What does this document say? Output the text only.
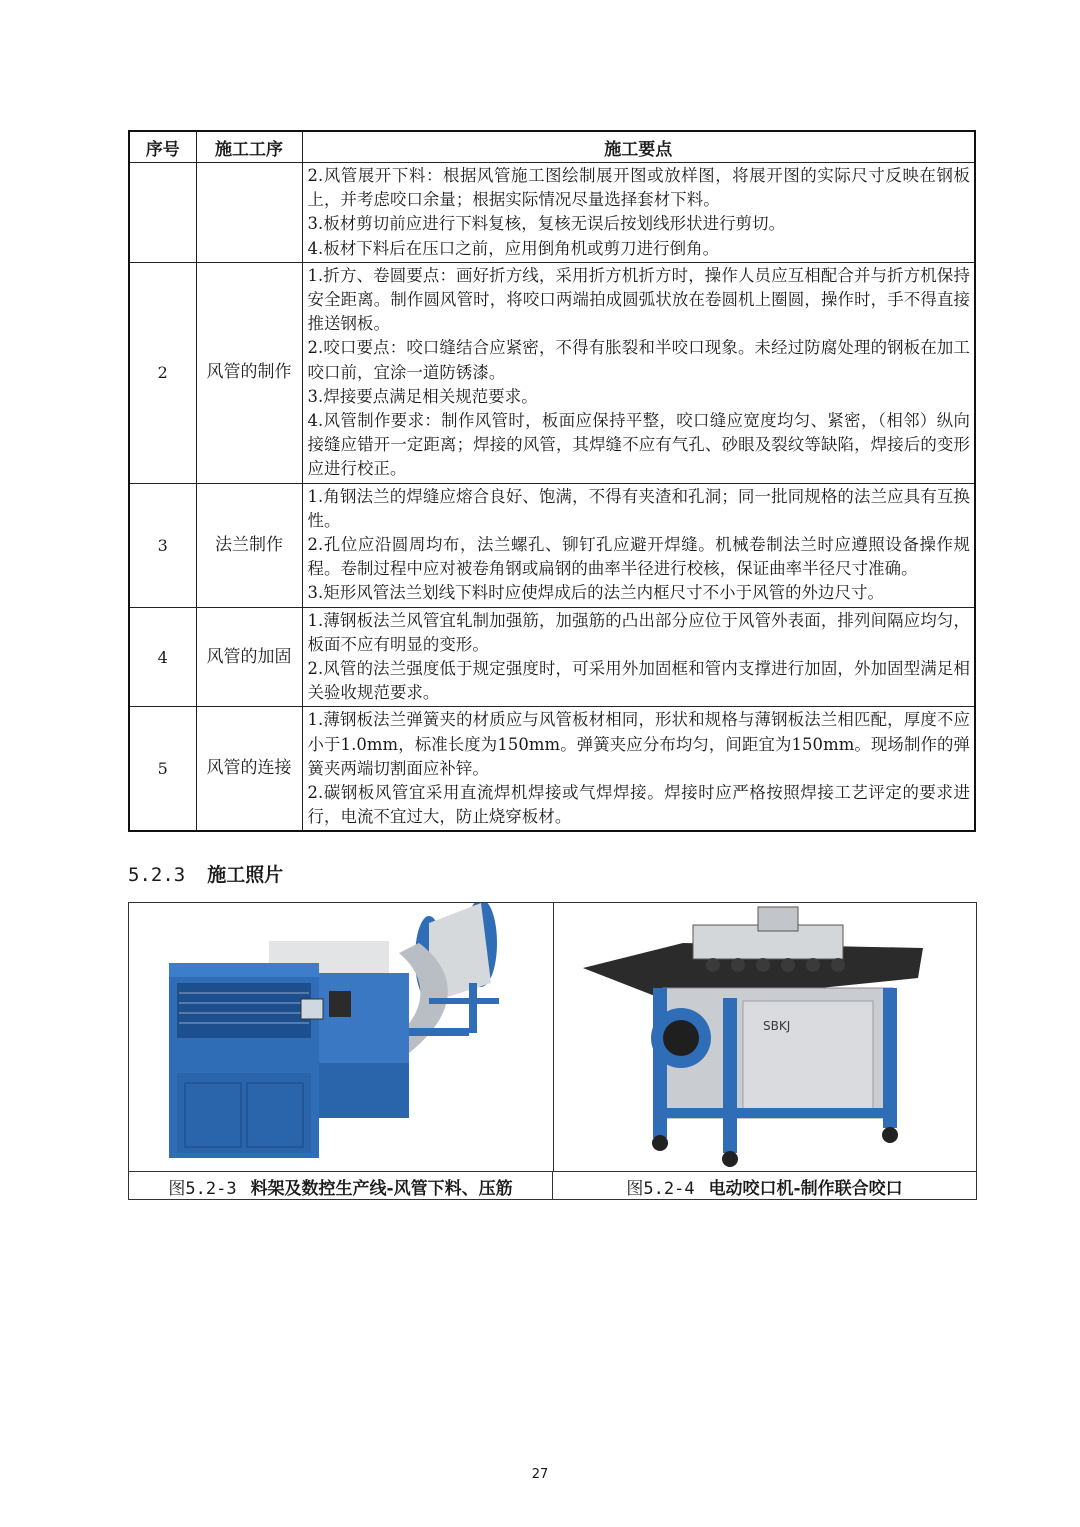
序号	施工工序	施工要点

		2.风管展开下料：根据风管施工图绘制展开图或放样图，将展开图的实际尺寸反映在钢板上，并考虑咬口余量；根据实际情况尽量选择套材下料。

3.板材剪切前应进行下料复核，复核无误后按划线形状进行剪切。

4.板材下料后在压口之前，应用倒角机或剪刀进行倒角。

2	风管的制作	1.折方、卷圆要点：画好折方线，采用折方机折方时，操作人员应互相配合并与折方机保持安全距离。制作圆风管时，将咬口两端拍成圆弧状放在卷圆机上圈圆，操作时，手不得直接推送钢板。

2.咬口要点：咬口缝结合应紧密，不得有胀裂和半咬口现象。未经过防腐处理的钢板在加工咬口前，宜涂一道防锈漆。

3.焊接要点满足相关规范要求。

4.风管制作要求：制作风管时，板面应保持平整，咬口缝应宽度均匀、紧密，（相邻）纵向接缝应错开一定距离；焊接的风管，其焊缝不应有气孔、砂眼及裂纹等缺陷，焊接后的变形应进行校正。

3	法兰制作	1.角钢法兰的焊缝应熔合良好、饱满，不得有夹渣和孔洞；同一批同规格的法兰应具有互换性。

2.孔位应沿圆周均布，法兰螺孔、铆钉孔应避开焊缝。机械卷制法兰时应遵照设备操作规程。卷制过程中应对被卷角钢或扁钢的曲率半径进行校核，保证曲率半径尺寸准确。

3.矩形风管法兰划线下料时应使焊成后的法兰内框尺寸不小于风管的外边尺寸。

4	风管的加固	1.薄钢板法兰风管宜轧制加强筋，加强筋的凸出部分应位于风管外表面，排列间隔应均匀，板面不应有明显的变形。

2.风管的法兰强度低于规定强度时，可采用外加固框和管内支撑进行加固，外加固型满足相关验收规范要求。

5	风管的连接	1.薄钢板法兰弹簧夹的材质应与风管板材相同，形状和规格与薄钢板法兰相匹配，厚度不应小于1.0mm，标准长度为150mm。弹簧夹应分布均匀，间距宜为150mm。现场制作的弹簧夹两端切割面应补锌。

2.碳钢板风管宜采用直流焊机焊接或气焊焊接。焊接时应严格按照焊接工艺评定的要求进行，电流不宜过大，防止烧穿板材。

5.2.3 施工照片
SBKJ
图5.2-3 料架及数控生产线-风管下料、压筋	图5.2-4 电动咬口机-制作联合咬口
27
